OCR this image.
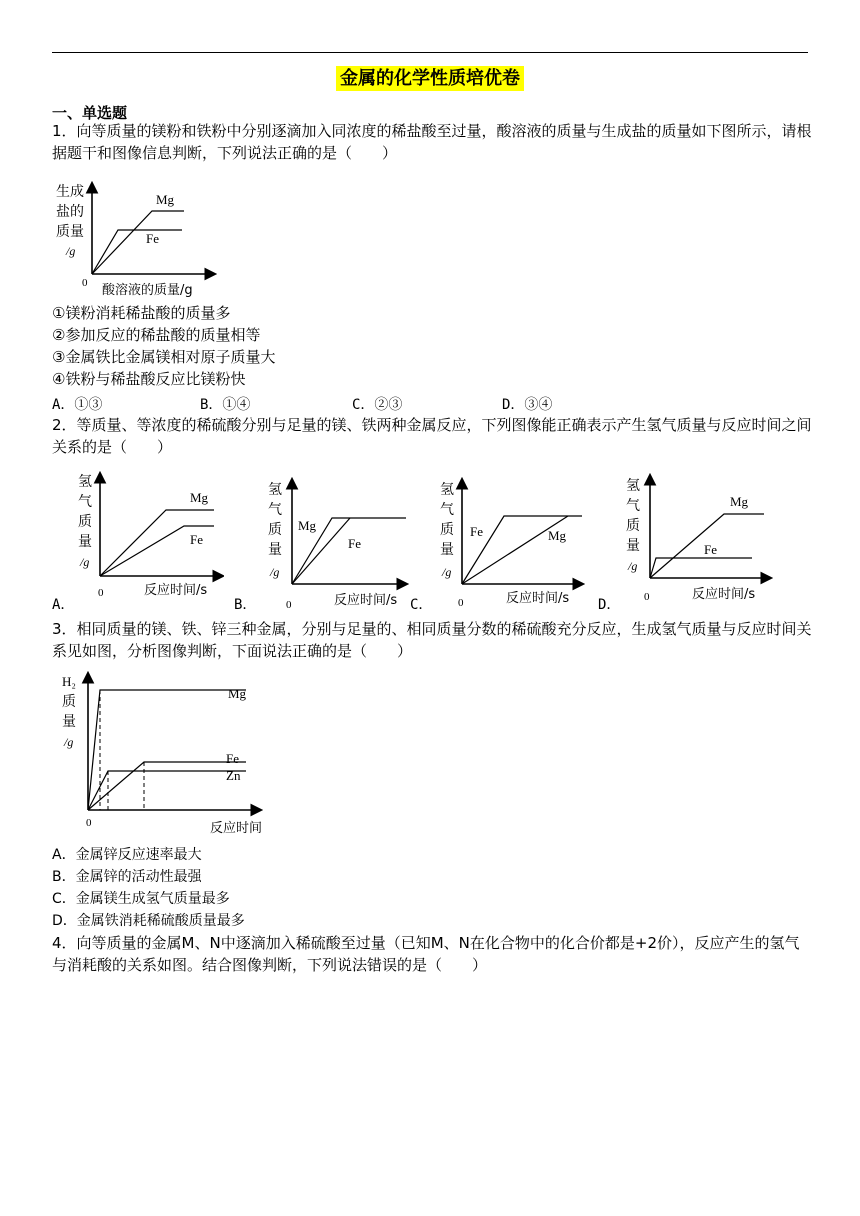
金属的化学性质培优卷
一、单选题
1．向等质量的镁粉和铁粉中分别逐滴加入同浓度的稀盐酸至过量，酸溶液的质量与生成盐的质量如下图所示，请根据题干和图像信息判断，下列说法正确的是（　　）
生成
盐的
质量
/g
0
Mg
Fe
酸溶液的质量/g
①镁粉消耗稀盐酸的质量多
②参加反应的稀盐酸的质量相等
③金属铁比金属镁相对原子质量大
④铁粉与稀盐酸反应比镁粉快
A．①③	B．①④	C．②③	D．③④
2．等质量、等浓度的稀硫酸分别与足量的镁、铁两种金属反应，下列图像能正确表示产生氢气质量与反应时间之间关系的是（　　）
氢
气
质
量
/g
0
Mg
Fe
反应时间/s
A．
氢
气
质
量
/g
0
Mg
Fe
反应时间/s
B．
氢
气
质
量
/g
0
Fe	Mg
反应时间/s
C．
氢
气
质
量
/g
0
Mg
Fe
反应时间/s
D．
3．相同质量的镁、铁、锌三种金属，分别与足量的、相同质量分数的稀硫酸充分反应，生成氢气质量与反应时间关系见如图，分析图像判断，下面说法正确的是（　　）
H₂
质
量
/g
0
Mg
Fe
Zn
反应时间
A．金属锌反应速率最大
B．金属锌的活动性最强
C．金属镁生成氢气质量最多
D．金属铁消耗稀硫酸质量最多
4．向等质量的金属M、N中逐滴加入稀硫酸至过量（已知M、N在化合物中的化合价都是+2价），反应产生的氢气与消耗酸的关系如图。结合图像判断，下列说法错误的是（　　）
